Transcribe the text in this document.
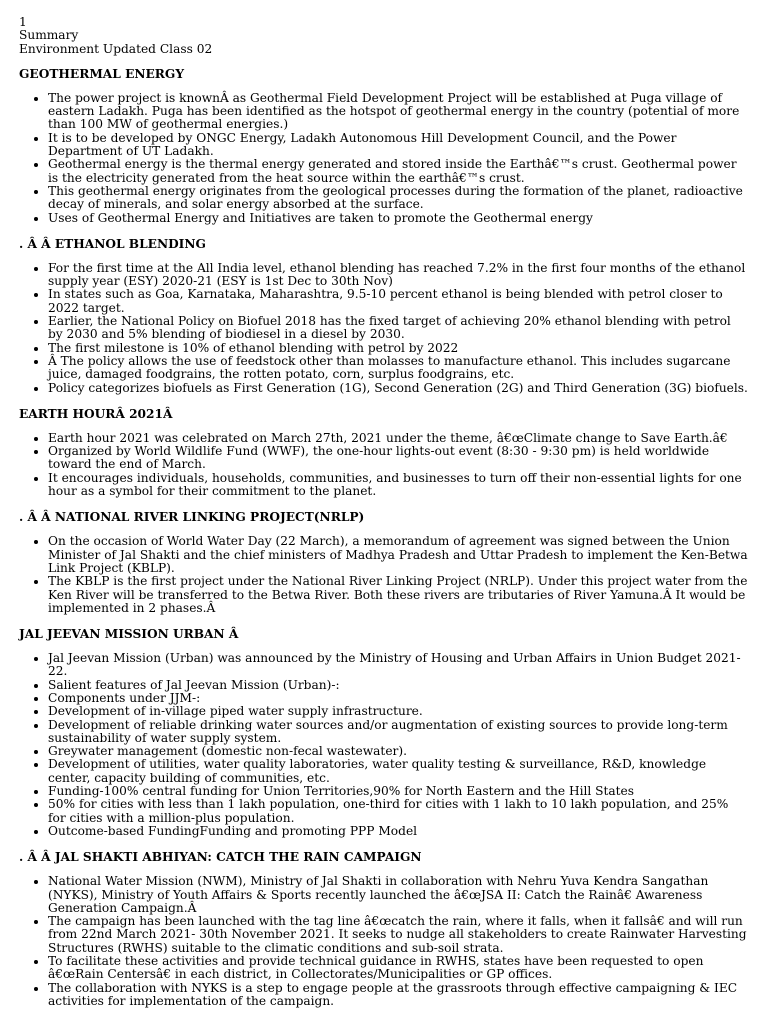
1
Summary
Environment Updated Class 02
GEOTHERMAL ENERGY
• The power project is knownÂ as Geothermal Field Development Project will be established at Puga village of eastern Ladakh. Puga has been identified as the hotspot of geothermal energy in the country (potential of more than 100 MW of geothermal energies.)
• It is to be developed by ONGC Energy, Ladakh Autonomous Hill Development Council, and the Power Department of UT Ladakh.
• Geothermal energy is the thermal energy generated and stored inside the Earthâ€™s crust. Geothermal power is the electricity generated from the heat source within the earthâ€™s crust.
• This geothermal energy originates from the geological processes during the formation of the planet, radioactive decay of minerals, and solar energy absorbed at the surface.
• Uses of Geothermal Energy and Initiatives are taken to promote the Geothermal energy
. Â Â ETHANOL BLENDING
• For the first time at the All India level, ethanol blending has reached 7.2% in the first four months of the ethanol supply year (ESY) 2020-21 (ESY is 1st Dec to 30th Nov)
• In states such as Goa, Karnataka, Maharashtra, 9.5-10 percent ethanol is being blended with petrol closer to 2022 target.
• Earlier, the National Policy on Biofuel 2018 has the fixed target of achieving 20% ethanol blending with petrol by 2030 and 5% blending of biodiesel in a diesel by 2030.
• The first milestone is 10% of ethanol blending with petrol by 2022
• Â The policy allows the use of feedstock other than molasses to manufacture ethanol. This includes sugarcane juice, damaged foodgrains, the rotten potato, corn, surplus foodgrains, etc.
• Policy categorizes biofuels as First Generation (1G), Second Generation (2G) and Third Generation (3G) biofuels.
EARTH HOURÂ 2021Â
• Earth hour 2021 was celebrated on March 27th, 2021 under the theme, â€œClimate change to Save Earth.â€
• Organized by World Wildlife Fund (WWF), the one-hour lights-out event (8:30 - 9:30 pm) is held worldwide toward the end of March.
• It encourages individuals, households, communities, and businesses to turn off their non-essential lights for one hour as a symbol for their commitment to the planet.
. Â Â NATIONAL RIVER LINKING PROJECT(NRLP)
• On the occasion of World Water Day (22 March), a memorandum of agreement was signed between the Union Minister of Jal Shakti and the chief ministers of Madhya Pradesh and Uttar Pradesh to implement the Ken-Betwa Link Project (KBLP).
• The KBLP is the first project under the National River Linking Project (NRLP). Under this project water from the Ken River will be transferred to the Betwa River. Both these rivers are tributaries of River Yamuna.Â It would be implemented in 2 phases.Â
JAL JEEVAN MISSION URBAN Â
• Jal Jeevan Mission (Urban) was announced by the Ministry of Housing and Urban Affairs in Union Budget 2021-22.
• Salient features of Jal Jeevan Mission (Urban)-:
• Components under JJM-:
• Development of in-village piped water supply infrastructure.
• Development of reliable drinking water sources and/or augmentation of existing sources to provide long-term sustainability of water supply system.
• Greywater management (domestic non-fecal wastewater).
• Development of utilities, water quality laboratories, water quality testing & surveillance, R&D, knowledge center, capacity building of communities, etc.
• Funding-100% central funding for Union Territories,90% for North Eastern and the Hill States
• 50% for cities with less than 1 lakh population, one-third for cities with 1 lakh to 10 lakh population, and 25% for cities with a million-plus population.
• Outcome-based FundingFunding and promoting PPP Model
. Â Â JAL SHAKTI ABHIYAN: CATCH THE RAIN CAMPAIGN
• National Water Mission (NWM), Ministry of Jal Shakti in collaboration with Nehru Yuva Kendra Sangathan (NYKS), Ministry of Youth Affairs & Sports recently launched the â€œJSA II: Catch the Rainâ€ Awareness Generation Campaign.Â
• The campaign has been launched with the tag line â€œcatch the rain, where it falls, when it fallsâ€ and will run from 22nd March 2021- 30th November 2021. It seeks to nudge all stakeholders to create Rainwater Harvesting Structures (RWHS) suitable to the climatic conditions and sub-soil strata.
• To facilitate these activities and provide technical guidance in RWHS, states have been requested to open â€œRain Centersâ€ in each district, in Collectorates/Municipalities or GP offices.
• The collaboration with NYKS is a step to engage people at the grassroots through effective campaigning & IEC activities for implementation of the campaign.
